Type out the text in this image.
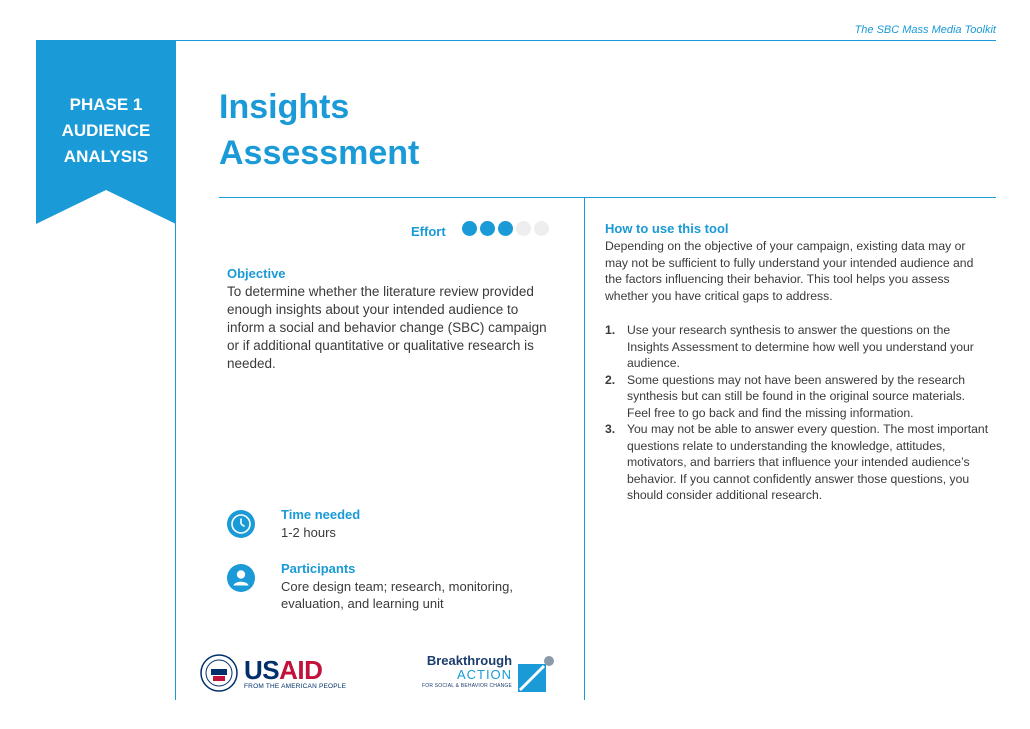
The SBC Mass Media Toolkit
PHASE 1
AUDIENCE
ANALYSIS
Insights
Assessment
Effort
Objective
To determine whether the literature review provided enough insights about your intended audience to inform a social and behavior change (SBC) campaign or if additional quantitative or qualitative research is needed.
Time needed
1-2 hours
Participants
Core design team; research, monitoring, evaluation, and learning unit
USAID
FROM THE AMERICAN PEOPLE
Breakthrough
ACTION
FOR SOCIAL & BEHAVIOR CHANGE
How to use this tool
Depending on the objective of your campaign, existing data may or may not be sufficient to fully understand your intended audience and the factors influencing their behavior. This tool helps you assess whether you have critical gaps to address.
1. Use your research synthesis to answer the questions on the Insights Assessment to determine how well you understand your audience.
2. Some questions may not have been answered by the research synthesis but can still be found in the original source materials. Feel free to go back and find the missing information.
3. You may not be able to answer every question. The most important questions relate to understanding the knowledge, attitudes, motivators, and barriers that influence your intended audience’s behavior. If you cannot confidently answer those questions, you should consider additional research.
